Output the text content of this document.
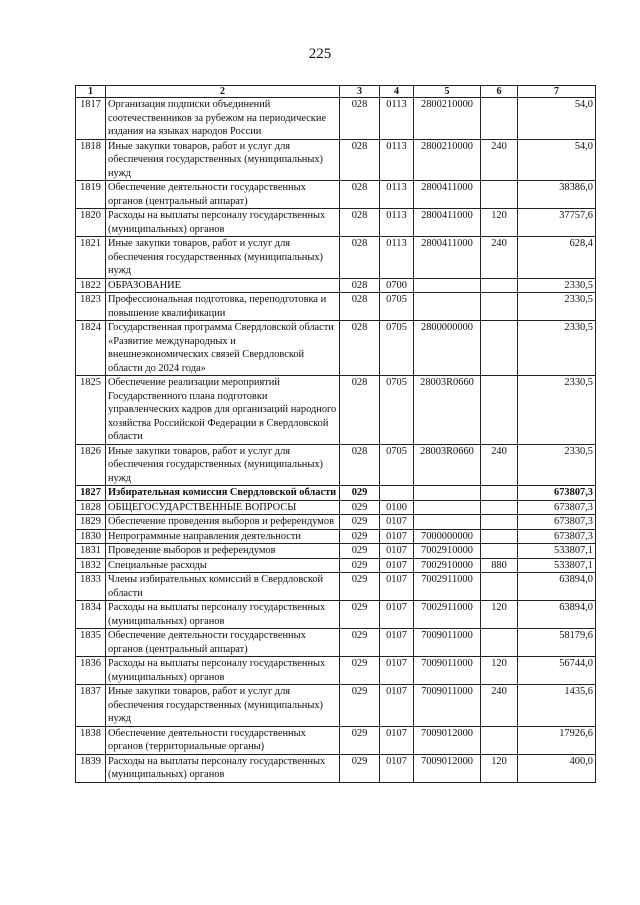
225
1	2	3	4	5	6	7
1817	Организация подписки объединений соотечественников за рубежом на периодические издания на языках народов России	028	0113	2800210000		54,0
1818	Иные закупки товаров, работ и услуг для обеспечения государственных (муниципальных) нужд	028	0113	2800210000	240	54,0
1819	Обеспечение деятельности государственных органов (центральный аппарат)	028	0113	2800411000		38386,0
1820	Расходы на выплаты персоналу государственных (муниципальных) органов	028	0113	2800411000	120	37757,6
1821	Иные закупки товаров, работ и услуг для обеспечения государственных (муниципальных) нужд	028	0113	2800411000	240	628,4
1822	ОБРАЗОВАНИЕ	028	0700			2330,5
1823	Профессиональная подготовка, переподготовка и повышение квалификации	028	0705			2330,5
1824	Государственная программа Свердловской области «Развитие международных и внешнеэкономических связей Свердловской области до 2024 года»	028	0705	2800000000		2330,5
1825	Обеспечение реализации мероприятий Государственного плана подготовки управленческих кадров для организаций народного хозяйства Российской Федерации в Свердловской области	028	0705	28003R0660		2330,5
1826	Иные закупки товаров, работ и услуг для обеспечения государственных (муниципальных) нужд	028	0705	28003R0660	240	2330,5
1827	Избирательная комиссия Свердловской области	029				673807,3
1828	ОБЩЕГОСУДАРСТВЕННЫЕ ВОПРОСЫ	029	0100			673807,3
1829	Обеспечение проведения выборов и референдумов	029	0107			673807,3
1830	Непрограммные направления деятельности	029	0107	7000000000		673807,3
1831	Проведение выборов и референдумов	029	0107	7002910000		533807,1
1832	Специальные расходы	029	0107	7002910000	880	533807,1
1833	Члены избирательных комиссий в Свердловской области	029	0107	7002911000		63894,0
1834	Расходы на выплаты персоналу государственных (муниципальных) органов	029	0107	7002911000	120	63894,0
1835	Обеспечение деятельности государственных органов (центральный аппарат)	029	0107	7009011000		58179,6
1836	Расходы на выплаты персоналу государственных (муниципальных) органов	029	0107	7009011000	120	56744,0
1837	Иные закупки товаров, работ и услуг для обеспечения государственных (муниципальных) нужд	029	0107	7009011000	240	1435,6
1838	Обеспечение деятельности государственных органов (территориальные органы)	029	0107	7009012000		17926,6
1839	Расходы на выплаты персоналу государственных (муниципальных) органов	029	0107	7009012000	120	400,0
